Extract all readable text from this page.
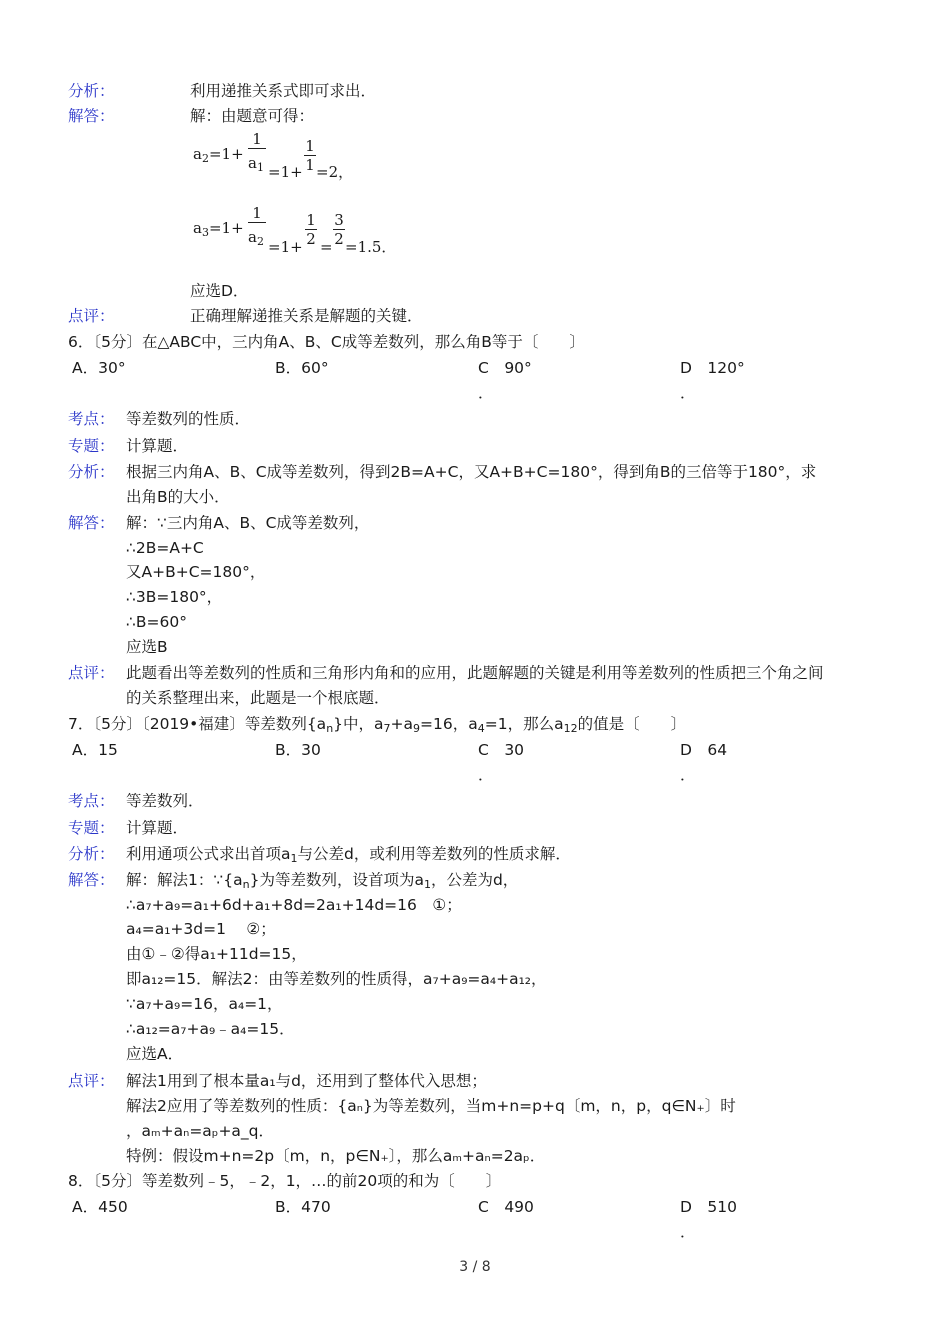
分析：	利用递推关系式即可求出．
解答：	解：由题意可得：
$a_2=1+$
1
$a_1 =1+$
1
1 =2，
$a_3=1+$
1
$a_2 =1+$
1
2 =
3
2 =1.5．
应选D．
点评：	正确理解递推关系是解题的关键．
6．〔5分〕在△ABC中，三内角A、B、C成等差数列，那么角B等于〔　　〕
A．30°	B．60°	C　90°	D　120°
．	．
考点： 等差数列的性质．
专题： 计算题．
分析： 根据三内角A、B、C成等差数列，得到2B=A+C，又A+B+C=180°，得到角B的三倍等于180°，求
出角B的大小．
解答： 解：∵三内角A、B、C成等差数列，
∴2B=A+C
又A+B+C=180°，
∴3B=180°，
∴B=60°
应选B
点评： 此题看出等差数列的性质和三角形内角和的应用，此题解题的关键是利用等差数列的性质把三个角之间
的关系整理出来，此题是一个根底题．
7．〔5分〕〔2019•福建〕等差数列$\{a_n\}$中，$a_7+a_9=16$，$a_4=1$，那么$a_{12}$的值是〔　　〕
A．15	B．30	C　30	D　64
．	．
考点： 等差数列．
专题： 计算题．
分析： 利用通项公式求出首项$a_1$与公差d，或利用等差数列的性质求解．
解答： 解：解法1：$\because\{a_n\}$为等差数列，设首项为$a_1$，公差为d，
∴a₇+a₉=a₁+6d+a₁+8d=2a₁+14d=16　①；
a₄=a₁+3d=1　 ②；
由①﹣②得a₁+11d=15，
即a₁₂=15．解法2：由等差数列的性质得，a₇+a₉=a₄+a₁₂，
∵a₇+a₉=16，a₄=1，
∴a₁₂=a₇+a₉﹣a₄=15．
应选A．
点评： 解法1用到了根本量a₁与d，还用到了整体代入思想；
解法2应用了等差数列的性质：{aₙ}为等差数列，当m+n=p+q〔m，n，p，q∈N₊〕时
，aₘ+aₙ=aₚ+a_q．
特例：假设m+n=2p〔m，n，p∈N₊〕，那么aₘ+aₙ=2aₚ．
8．〔5分〕等差数列﹣5，﹣2，1，…的前20项的和为〔　　〕
A．450	B．470	C　490	D　510
．
3 / 8
